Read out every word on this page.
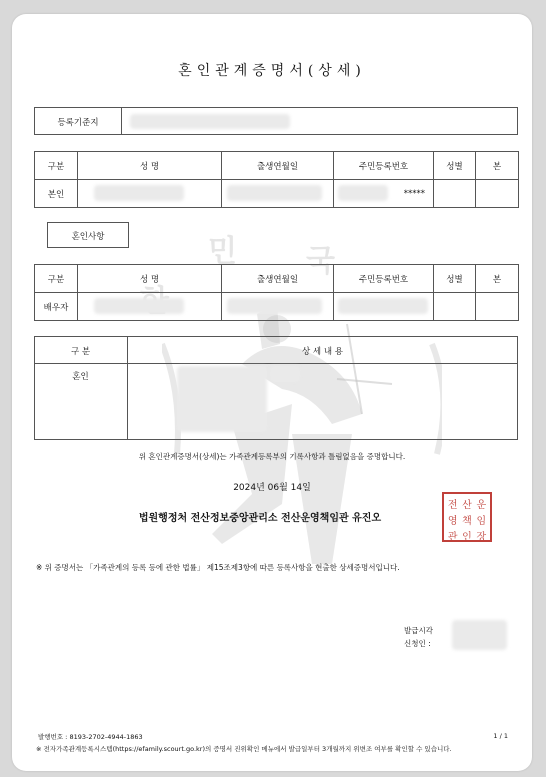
민 국
혼인관계증명서(상세)
등록기준지
구분	성 명	출생연월일	주민등록번호	성별	본
본인			*****		
혼인사항
구분	성 명	출생연월일	주민등록번호	성별	본
배우자					
구 분	상 세 내 용
혼인
위 혼인관계증명서(상세)는 가족관계등록부의 기록사항과 틀림없음을 증명합니다.
2024년 06월 14일
법원행정처 전산정보중앙관리소 전산운영책임관 유진오
전 산 운
영 책 임
관 인 장
※ 위 증명서는 「가족관계의 등록 등에 관한 법률」 제15조제3항에 따른 등록사항을 현출한 상세증명서입니다.
발급시각
신청인 :
발행번호 : 8193-2702-4944-1863	1 / 1
※ 전자가족관계등록시스템(https://efamily.scourt.go.kr)의 증명서 진위확인 메뉴에서 발급일부터 3개월까지 위변조 여부를 확인할 수 있습니다.
